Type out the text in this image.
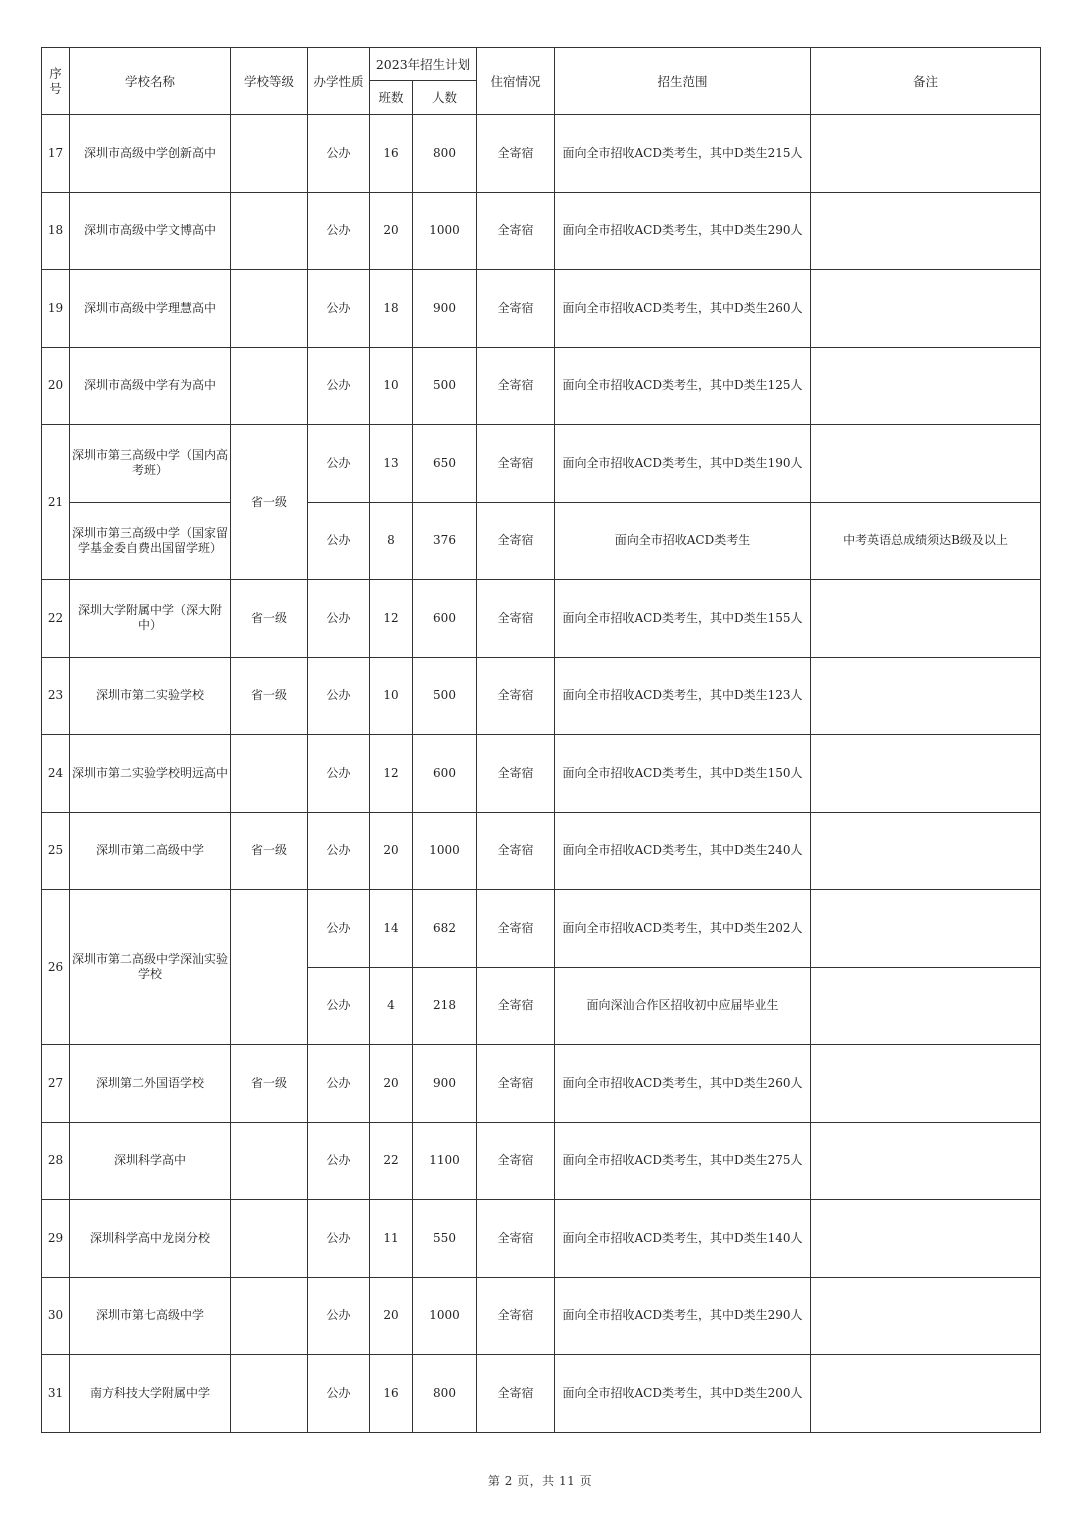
序号	学校名称	学校等级	办学性质	2023年招生计划		住宿情况	招生范围	备注
				班数	人数			
17	深圳市高级中学创新高中		公办	16	800	全寄宿	面向全市招收ACD类考生，其中D类生215人	
18	深圳市高级中学文博高中		公办	20	1000	全寄宿	面向全市招收ACD类考生，其中D类生290人	
19	深圳市高级中学理慧高中		公办	18	900	全寄宿	面向全市招收ACD类考生，其中D类生260人	
20	深圳市高级中学有为高中		公办	10	500	全寄宿	面向全市招收ACD类考生，其中D类生125人	
21	深圳市第三高级中学（国内高考班）	省一级	公办	13	650	全寄宿	面向全市招收ACD类考生，其中D类生190人	
	深圳市第三高级中学（国家留学基金委自费出国留学班）		公办	8	376	全寄宿	面向全市招收ACD类考生	中考英语总成绩须达B级及以上
22	深圳大学附属中学（深大附中）	省一级	公办	12	600	全寄宿	面向全市招收ACD类考生，其中D类生155人	
23	深圳市第二实验学校	省一级	公办	10	500	全寄宿	面向全市招收ACD类考生，其中D类生123人	
24	深圳市第二实验学校明远高中		公办	12	600	全寄宿	面向全市招收ACD类考生，其中D类生150人	
25	深圳市第二高级中学	省一级	公办	20	1000	全寄宿	面向全市招收ACD类考生，其中D类生240人	
26	深圳市第二高级中学深汕实验学校		公办	14	682	全寄宿	面向全市招收ACD类考生，其中D类生202人	
			公办	4	218	全寄宿	面向深汕合作区招收初中应届毕业生	
27	深圳第二外国语学校	省一级	公办	20	900	全寄宿	面向全市招收ACD类考生，其中D类生260人	
28	深圳科学高中		公办	22	1100	全寄宿	面向全市招收ACD类考生，其中D类生275人	
29	深圳科学高中龙岗分校		公办	11	550	全寄宿	面向全市招收ACD类考生，其中D类生140人	
30	深圳市第七高级中学		公办	20	1000	全寄宿	面向全市招收ACD类考生，其中D类生290人	
31	南方科技大学附属中学		公办	16	800	全寄宿	面向全市招收ACD类考生，其中D类生200人	
第 2 页，共 11 页
